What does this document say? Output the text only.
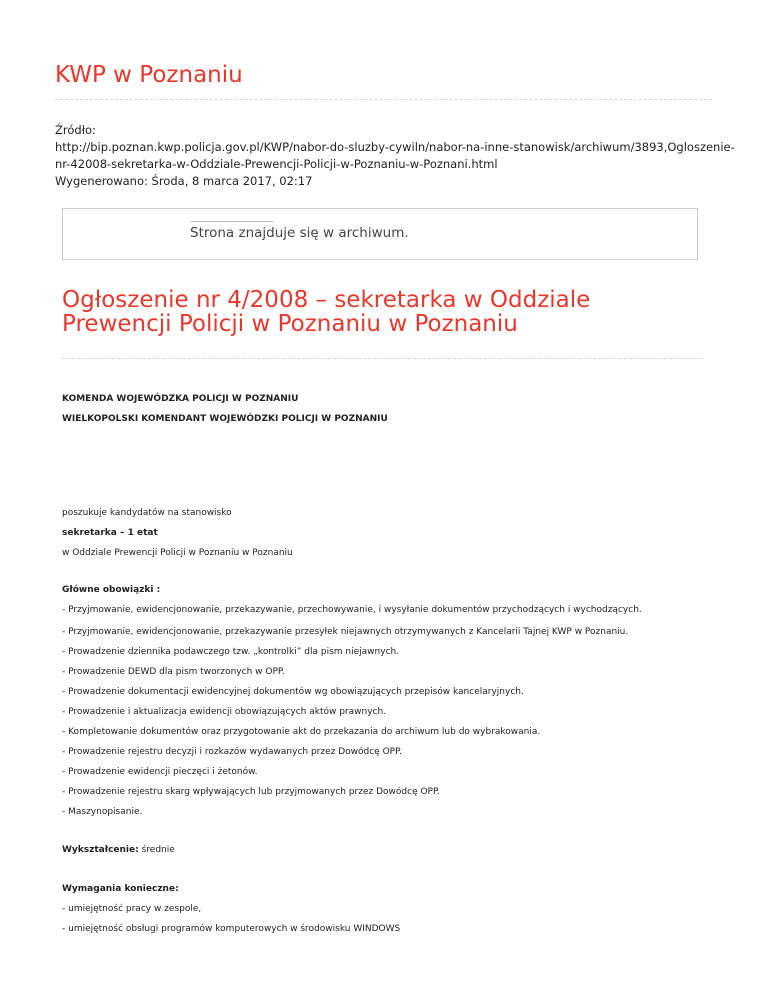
KWP w Poznaniu
Źródło:
http://bip.poznan.kwp.policja.gov.pl/KWP/nabor-do-sluzby-cywiln/nabor-na-inne-stanowisk/archiwum/3893,Ogloszenie-
nr-42008-sekretarka-w-Oddziale-Prewencji-Policji-w-Poznaniu-w-Poznani.html
Wygenerowano: Środa, 8 marca 2017, 02:17
Strona znajduje się w archiwum.
Ogłoszenie nr 4/2008 – sekretarka w Oddziale
Prewencji Policji w Poznaniu w Poznaniu

KOMENDA WOJEWÓDZKA POLICJI W POZNANIU

WIELKOPOLSKI KOMENDANT WOJEWÓDZKI POLICJI W POZNANIU

poszukuje kandydatów na stanowisko

sekretarka – 1 etat

w Oddziale Prewencji Policji w Poznaniu w Poznaniu

Główne obowiązki :

- Przyjmowanie, ewidencjonowanie, przekazywanie, przechowywanie, i wysyłanie dokumentów przychodzących i wychodzących.

- Przyjmowanie, ewidencjonowanie, przekazywanie przesyłek niejawnych otrzymywanych z Kancelarii Tajnej KWP w Poznaniu.

- Prowadzenie dziennika podawczego tzw. „kontrolki” dla pism niejawnych.

- Prowadzenie DEWD dla pism tworzonych w OPP.

- Prowadzenie dokumentacji ewidencyjnej dokumentów wg obowiązujących przepisów kancelaryjnych.

- Prowadzenie i aktualizacja ewidencji obowiązujących aktów prawnych.

- Kompletowanie dokumentów oraz przygotowanie akt do przekazania do archiwum lub do wybrakowania.

- Prowadzenie rejestru decyzji i rozkazów wydawanych przez Dowódcę OPP.

- Prowadzenie ewidencji pieczęci i żetonów.

- Prowadzenie rejestru skarg wpływających lub przyjmowanych przez Dowódcę OPP.

- Maszynopisanie.

Wykształcenie: średnie

Wymagania konieczne:

- umiejętność pracy w zespole,

- umiejętność obsługi programów komputerowych w środowisku WINDOWS
